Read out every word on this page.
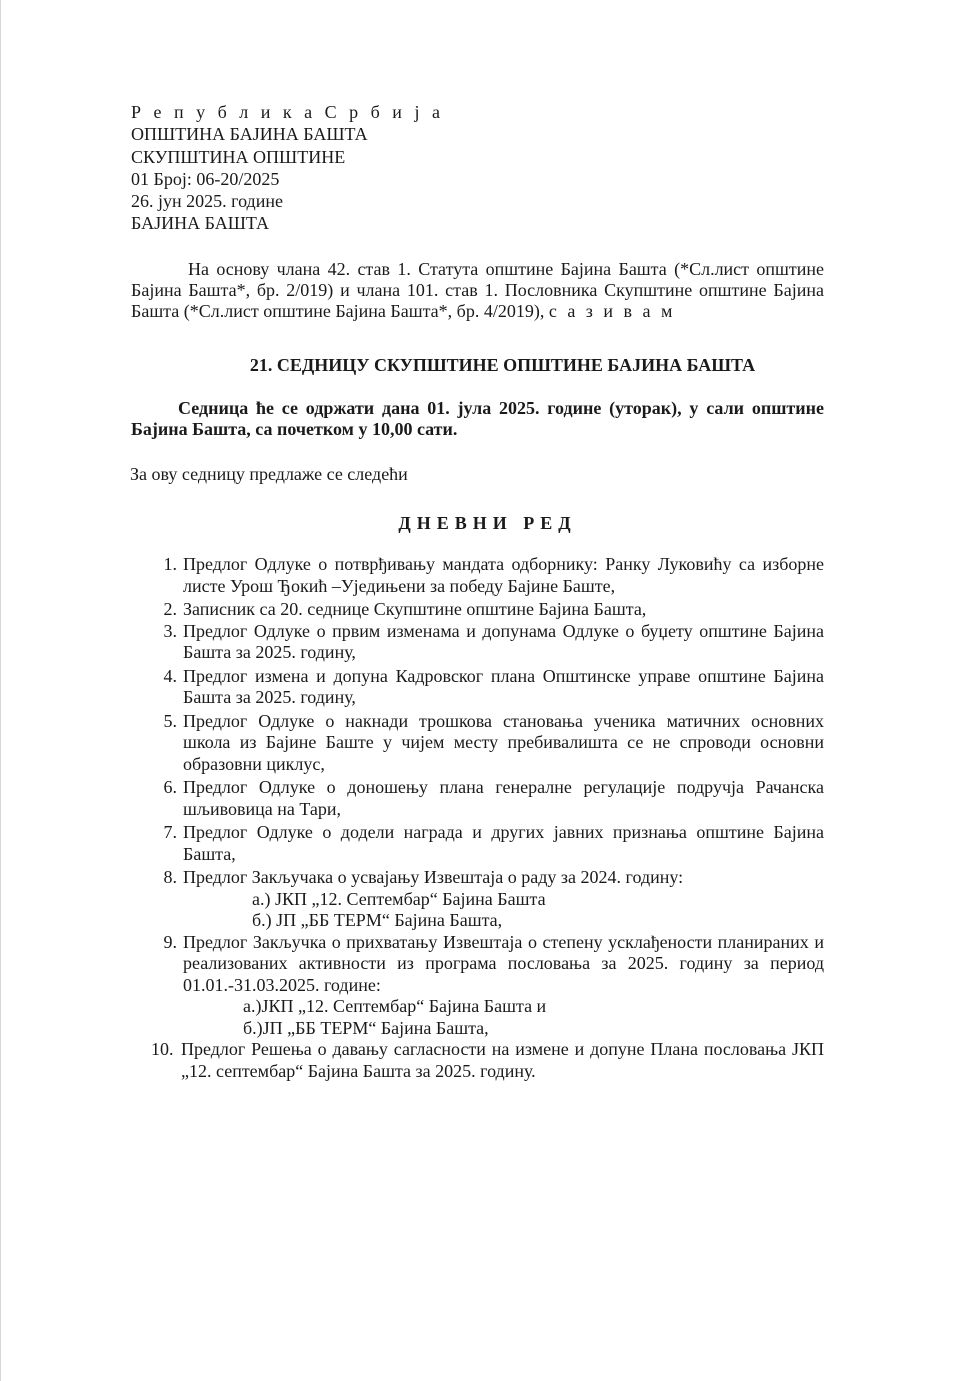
Р е п у б л и к а С р б и ј а
ОПШТИНА БАЈИНА БАШТА
СКУПШТИНА ОПШТИНЕ
01 Број: 06-20/2025
26. јун 2025. године
БАЈИНА БАШТА

На основу члана 42. став 1. Статута општине Бајина Башта (*Сл.лист општине Бајина Башта*, бр. 2/019) и члана 101. став 1. Пословника Скупштине општине Бајина Башта (*Сл.лист општине Бајина Башта*, бр. 4/2019), с а з и в а м

21. СЕДНИЦУ СКУПШТИНЕ ОПШТИНЕ БАЈИНА БАШТА

Седница ће се одржати дана 01. јула 2025. године (уторак), у сали општине Бајина Башта, са почетком у 10,00 сати.

За ову седницу предлаже се следећи
ДНЕВНИ РЕД
1. Предлог Одлуке о потврђивању мандата одборнику: Ранку Луковићу са изборне листе Урош Ђокић –Уједињени за победу Бајине Баште,
2. Записник са 20. седнице Скупштине општине Бајина Башта,
3. Предлог Одлуке о првим изменама и допунама Одлуке о буџету општине Бајина Башта за 2025. годину,
4. Предлог измена и допуна Кадровског плана Општинске управе општине Бајина Башта за 2025. годину,
5. Предлог Одлуке о накнади трошкова становања ученика матичних основних школа из Бајине Баште у чијем месту пребивалишта се не спроводи основни образовни циклус,
6. Предлог Одлуке о доношењу плана генералне регулације подручја Рачанска шљивовица на Тари,
7. Предлог Одлуке о додели награда и других јавних признања општине Бајина Башта,
8. Предлог Закључака о усвајању Извештаја о раду за 2024. годину:
а.) ЈКП „12. Септембар“ Бајина Башта
б.) ЈП „ББ ТЕРМ“ Бајина Башта,
9. Предлог Закључка о прихватању Извештаја о степену усклађености планираних и реализованих активности из програма пословања за 2025. годину за период 01.01.-31.03.2025. године:
а.)ЈКП „12. Септембар“ Бајина Башта и
б.)ЈП „ББ ТЕРМ“ Бајина Башта,
10. Предлог Решења о давању сагласности на измене и допуне Плана пословања ЈКП „12. септембар“ Бајина Башта за 2025. годину.
